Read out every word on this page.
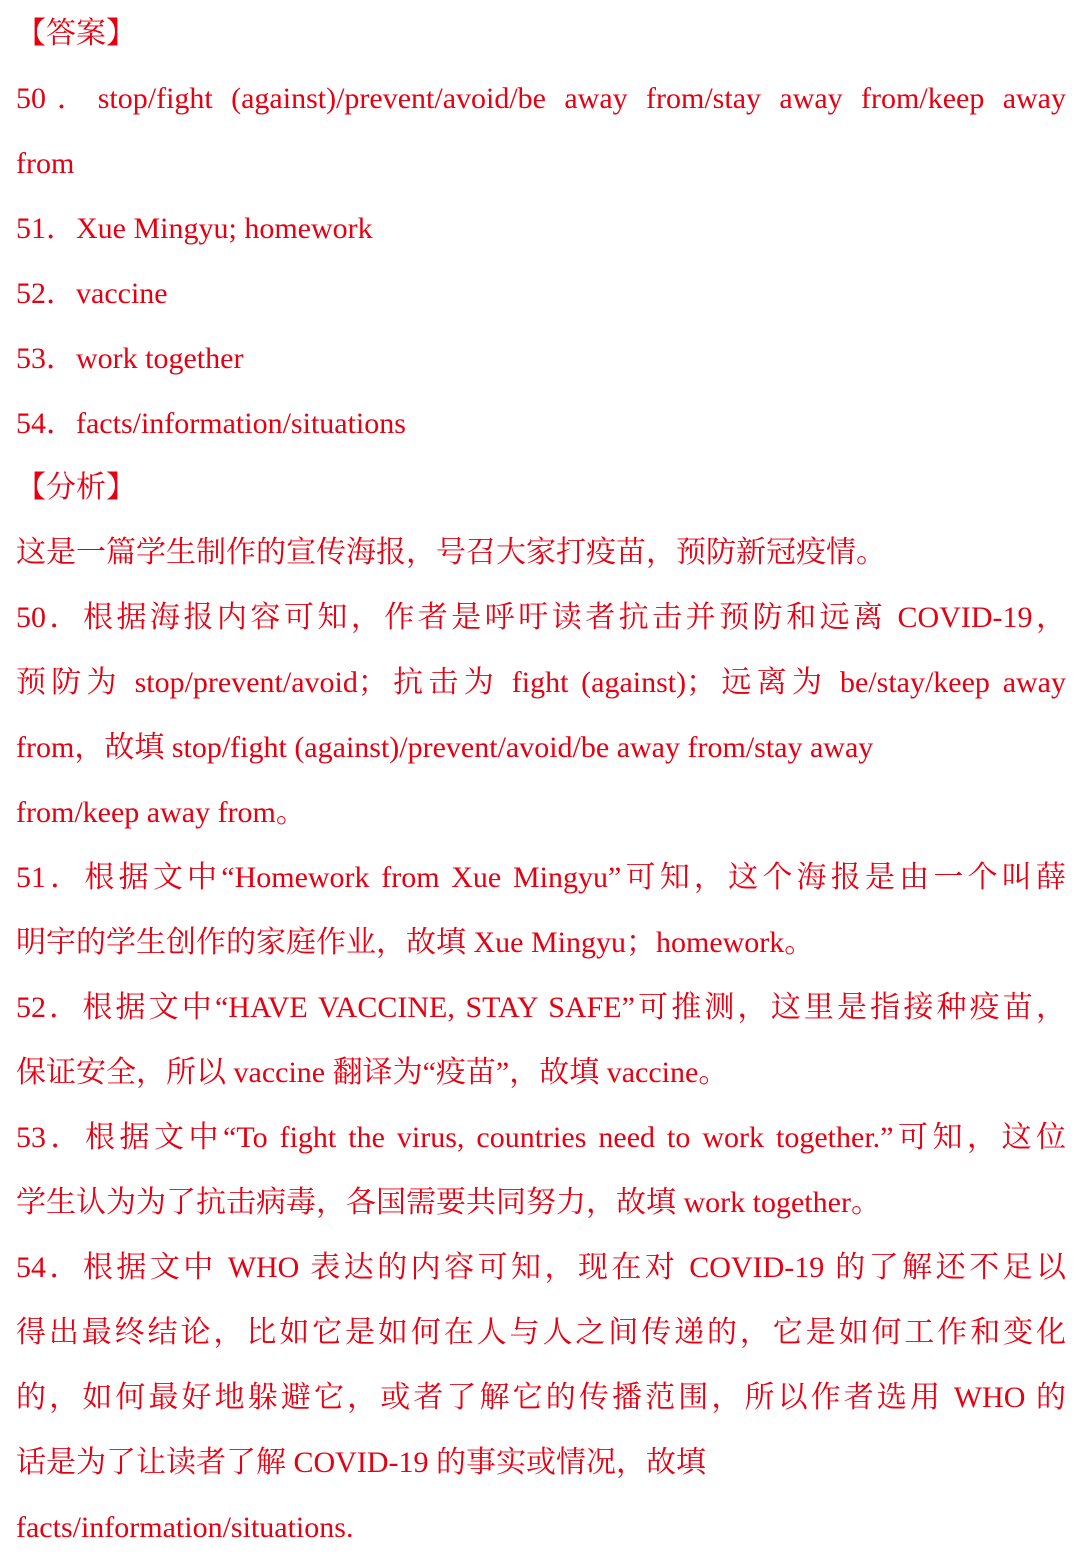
【答案】
50．stop/fight (against)/prevent/avoid/be away from/stay away from/keep away
from
51．Xue Mingyu; homework
52．vaccine
53．work together
54．facts/information/situations
【分析】
这是一篇学生制作的宣传海报，号召大家打疫苗，预防新冠疫情。
50．根据海报内容可知，作者是呼吁读者抗击并预防和远离 COVID-19，
预防为 stop/prevent/avoid；抗击为 fight (against)；远离为 be/stay/keep away
from，故填 stop/fight (against)/prevent/avoid/be away from/stay away
from/keep away from。
51．根据文中“Homework from Xue Mingyu”可知，这个海报是由一个叫薛
明宇的学生创作的家庭作业，故填 Xue Mingyu；homework。
52．根据文中“HAVE VACCINE, STAY SAFE”可推测，这里是指接种疫苗，
保证安全，所以 vaccine 翻译为“疫苗”，故填 vaccine。
53．根据文中“To fight the virus, countries need to work together.”可知，这位
学生认为为了抗击病毒，各国需要共同努力，故填 work together。
54．根据文中 WHO 表达的内容可知，现在对 COVID-19 的了解还不足以
得出最终结论，比如它是如何在人与人之间传递的，它是如何工作和变化
的，如何最好地躲避它，或者了解它的传播范围，所以作者选用 WHO 的
话是为了让读者了解 COVID-19 的事实或情况，故填
facts/information/situations.
